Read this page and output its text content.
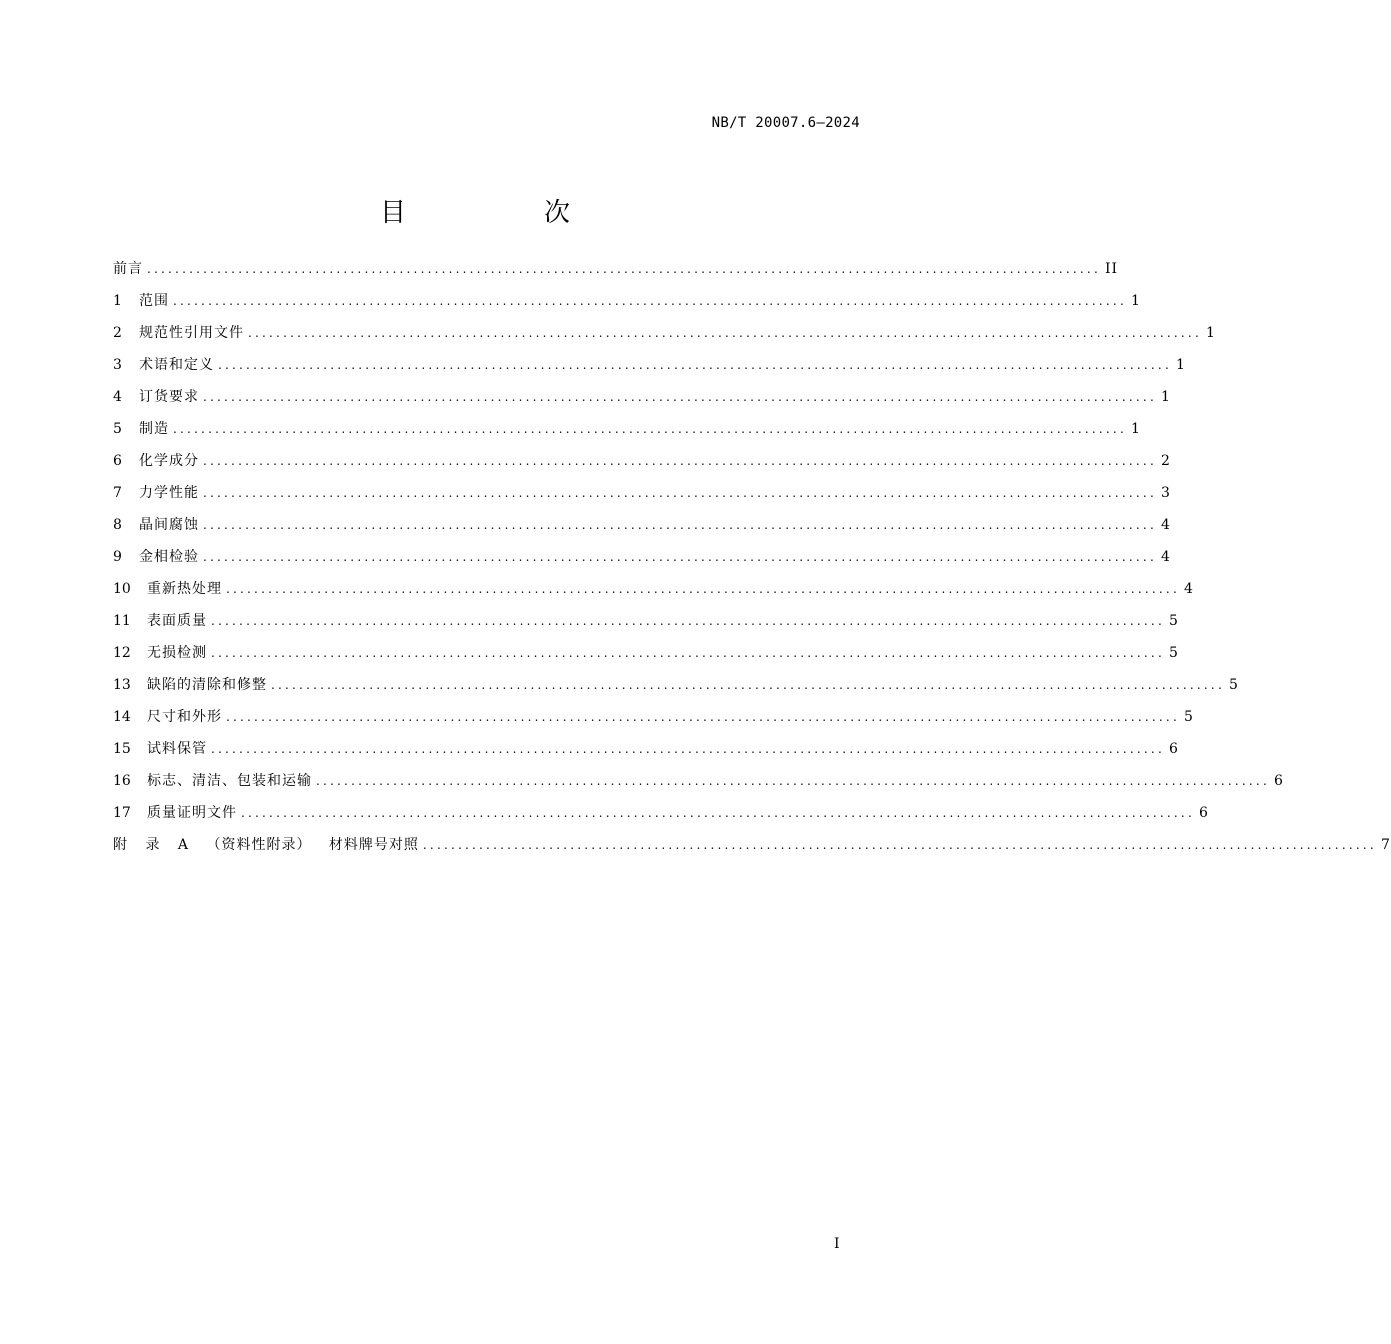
NB/T 20007.6—2024
目　次
前言 ........................................................................................................................................ II
1	范围 ........................................................................................................................................ 1
2	规范性引用文件 ........................................................................................................................................ 1
3	术语和定义 ........................................................................................................................................ 1
4	订货要求 ........................................................................................................................................ 1
5	制造 ........................................................................................................................................ 1
6	化学成分 ........................................................................................................................................ 2
7	力学性能 ........................................................................................................................................ 3
8	晶间腐蚀 ........................................................................................................................................ 4
9	金相检验 ........................................................................................................................................ 4
10	重新热处理 ........................................................................................................................................ 4
11	表面质量 ........................................................................................................................................ 5
12	无损检测 ........................................................................................................................................ 5
13	缺陷的清除和修整 ........................................................................................................................................ 5
14	尺寸和外形 ........................................................................................................................................ 5
15	试料保管 ........................................................................................................................................ 6
16	标志、清洁、包装和运输 ........................................................................................................................................ 6
17	质量证明文件 ........................................................................................................................................ 6
附 录 A （资料性附录） 材料牌号对照 ........................................................................................................................................ 7
I
